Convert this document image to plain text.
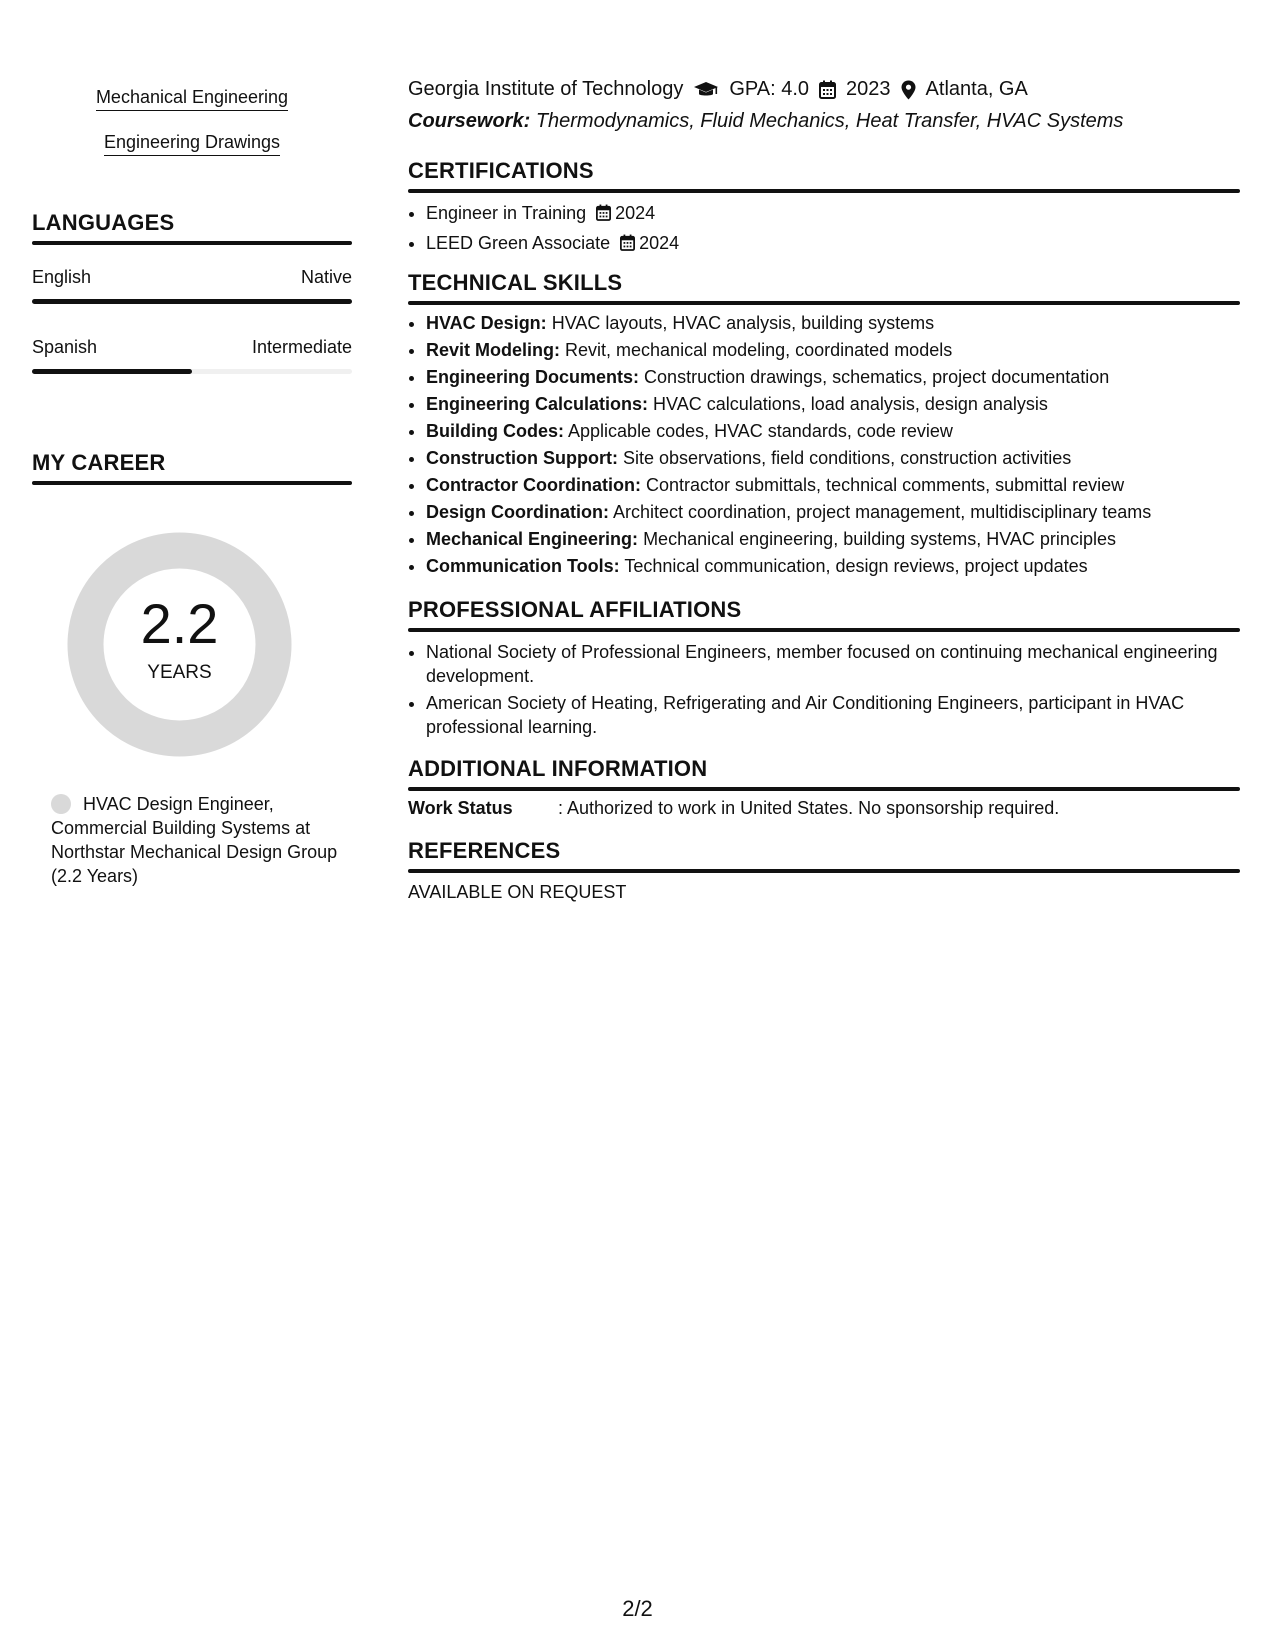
Mechanical Engineering
Engineering Drawings
LANGUAGES
English	Native
Spanish	Intermediate
MY CAREER
2.2
YEARS
HVAC Design Engineer, Commercial Building Systems at Northstar Mechanical Design Group (2.2 Years)
Georgia Institute of Technology GPA: 4.0 2023 Atlanta, GA
Coursework: Thermodynamics, Fluid Mechanics, Heat Transfer, HVAC Systems
CERTIFICATIONS
• Engineer in Training 2024
• LEED Green Associate 2024
TECHNICAL SKILLS
• HVAC Design: HVAC layouts, HVAC analysis, building systems
• Revit Modeling: Revit, mechanical modeling, coordinated models
• Engineering Documents: Construction drawings, schematics, project documentation
• Engineering Calculations: HVAC calculations, load analysis, design analysis
• Building Codes: Applicable codes, HVAC standards, code review
• Construction Support: Site observations, field conditions, construction activities
• Contractor Coordination: Contractor submittals, technical comments, submittal review
• Design Coordination: Architect coordination, project management, multidisciplinary teams
• Mechanical Engineering: Mechanical engineering, building systems, HVAC principles
• Communication Tools: Technical communication, design reviews, project updates
PROFESSIONAL AFFILIATIONS
• National Society of Professional Engineers, member focused on continuing mechanical engineering development.
• American Society of Heating, Refrigerating and Air Conditioning Engineers, participant in HVAC professional learning.
ADDITIONAL INFORMATION
Work Status	: Authorized to work in United States. No sponsorship required.
REFERENCES
AVAILABLE ON REQUEST
2/2
